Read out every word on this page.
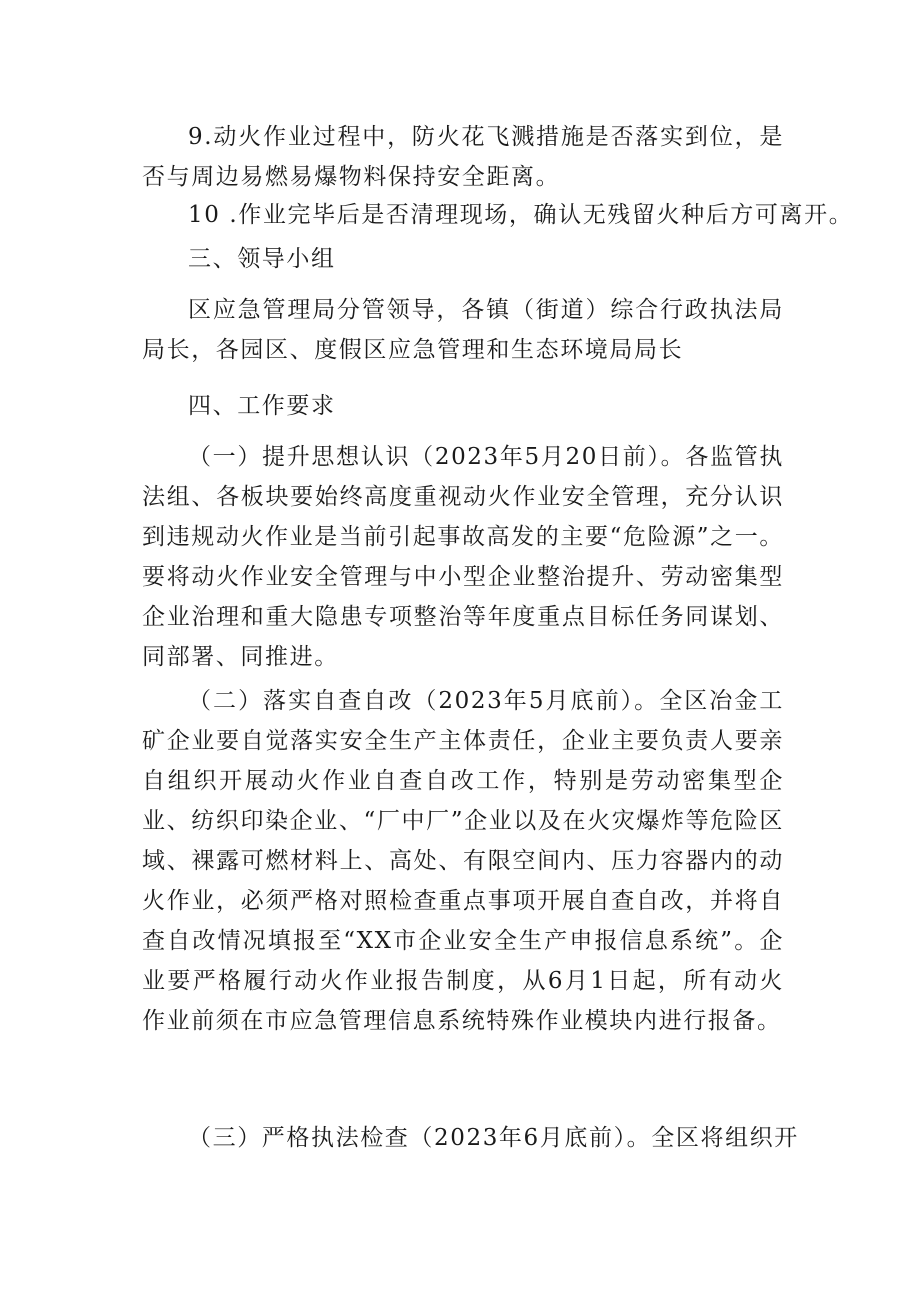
9.动火作业过程中，防火花飞溅措施是否落实到位，是否与周边易燃易爆物料保持安全距离。

10 .作业完毕后是否清理现场，确认无残留火种后方可离开。

三、领导小组

区应急管理局分管领导，各镇（街道）综合行政执法局局长，各园区、度假区应急管理和生态环境局局长

四、工作要求

（一）提升思想认识（2023年5月20日前）。各监管执法组、各板块要始终高度重视动火作业安全管理，充分认识到违规动火作业是当前引起事故高发的主要“危险源”之一。要将动火作业安全管理与中小型企业整治提升、劳动密集型企业治理和重大隐患专项整治等年度重点目标任务同谋划、同部署、同推进。

（二）落实自查自改（2023年5月底前）。全区冶金工矿企业要自觉落实安全生产主体责任，企业主要负责人要亲自组织开展动火作业自查自改工作，特别是劳动密集型企业、纺织印染企业、“厂中厂”企业以及在火灾爆炸等危险区域、裸露可燃材料上、高处、有限空间内、压力容器内的动火作业，必须严格对照检查重点事项开展自查自改，并将自查自改情况填报至“XX市企业安全生产申报信息系统”。企业要严格履行动火作业报告制度，从6月1日起，所有动火作业前须在市应急管理信息系统特殊作业模块内进行报备。

（三）严格执法检查（2023年6月底前）。全区将组织开
